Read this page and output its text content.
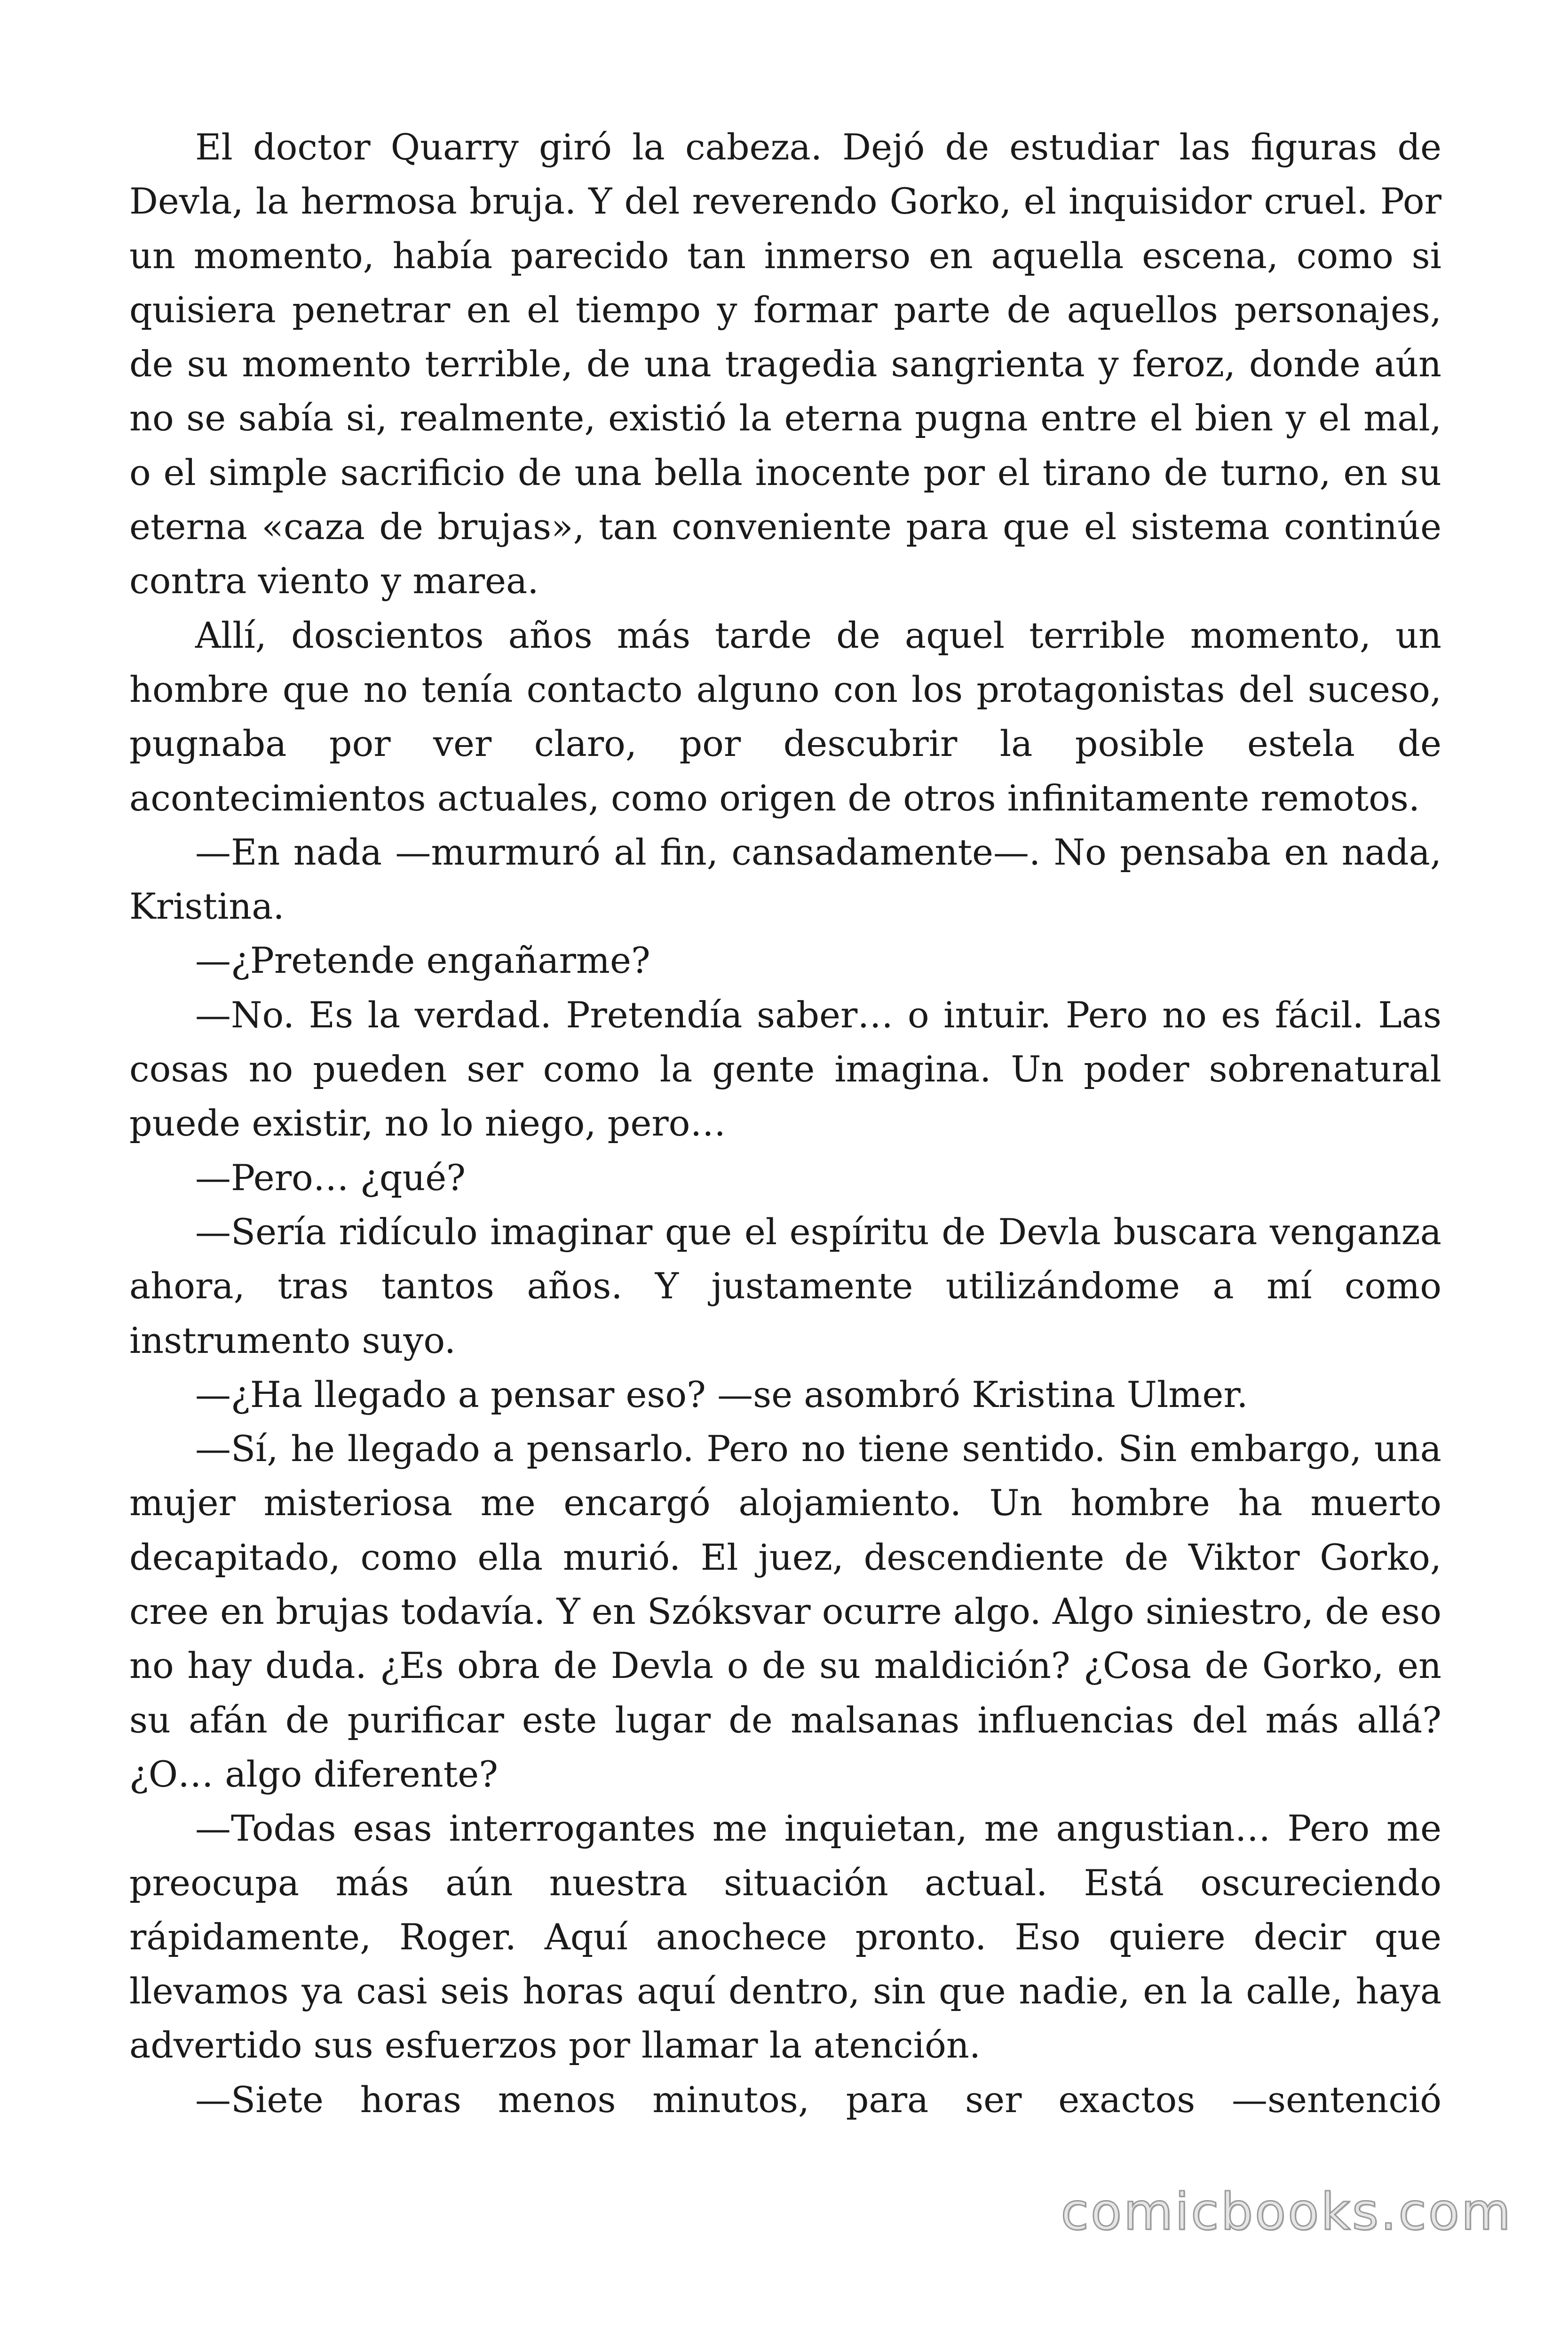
El doctor Quarry giró la cabeza. Dejó de estudiar las figuras de Devla, la hermosa bruja. Y del reverendo Gorko, el inquisidor cruel. Por un momento, había parecido tan inmerso en aquella escena, como si quisiera penetrar en el tiempo y formar parte de aquellos personajes, de su momento terrible, de una tragedia sangrienta y feroz, donde aún no se sabía si, realmente, existió la eterna pugna entre el bien y el mal, o el simple sacrificio de una bella inocente por el tirano de turno, en su eterna «caza de brujas», tan conveniente para que el sistema continúe contra viento y marea.

Allí, doscientos años más tarde de aquel terrible momento, un hombre que no tenía contacto alguno con los protagonistas del suceso, pugnaba por ver claro, por descubrir la posible estela de acontecimientos actuales, como origen de otros infinitamente remotos.

—En nada —murmuró al fin, cansadamente—. No pensaba en nada, Kristina.

—¿Pretende engañarme?

—No. Es la verdad. Pretendía saber… o intuir. Pero no es fácil. Las cosas no pueden ser como la gente imagina. Un poder sobrenatural puede existir, no lo niego, pero…

—Pero… ¿qué?

—Sería ridículo imaginar que el espíritu de Devla buscara venganza ahora, tras tantos años. Y justamente utilizándome a mí como instrumento suyo.

—¿Ha llegado a pensar eso? —se asombró Kristina Ulmer.

—Sí, he llegado a pensarlo. Pero no tiene sentido. Sin embargo, una mujer misteriosa me encargó alojamiento. Un hombre ha muerto decapitado, como ella murió. El juez, descendiente de Viktor Gorko, cree en brujas todavía. Y en Szóksvar ocurre algo. Algo siniestro, de eso no hay duda. ¿Es obra de Devla o de su maldición? ¿Cosa de Gorko, en su afán de purificar este lugar de malsanas influencias del más allá? ¿O… algo diferente?

—Todas esas interrogantes me inquietan, me angustian… Pero me preocupa más aún nuestra situación actual. Está oscureciendo rápidamente, Roger. Aquí anochece pronto. Eso quiere decir que llevamos ya casi seis horas aquí dentro, sin que nadie, en la calle, haya advertido sus esfuerzos por llamar la atención.

—Siete horas menos minutos, para ser exactos —sentenció

comicbooks.com
